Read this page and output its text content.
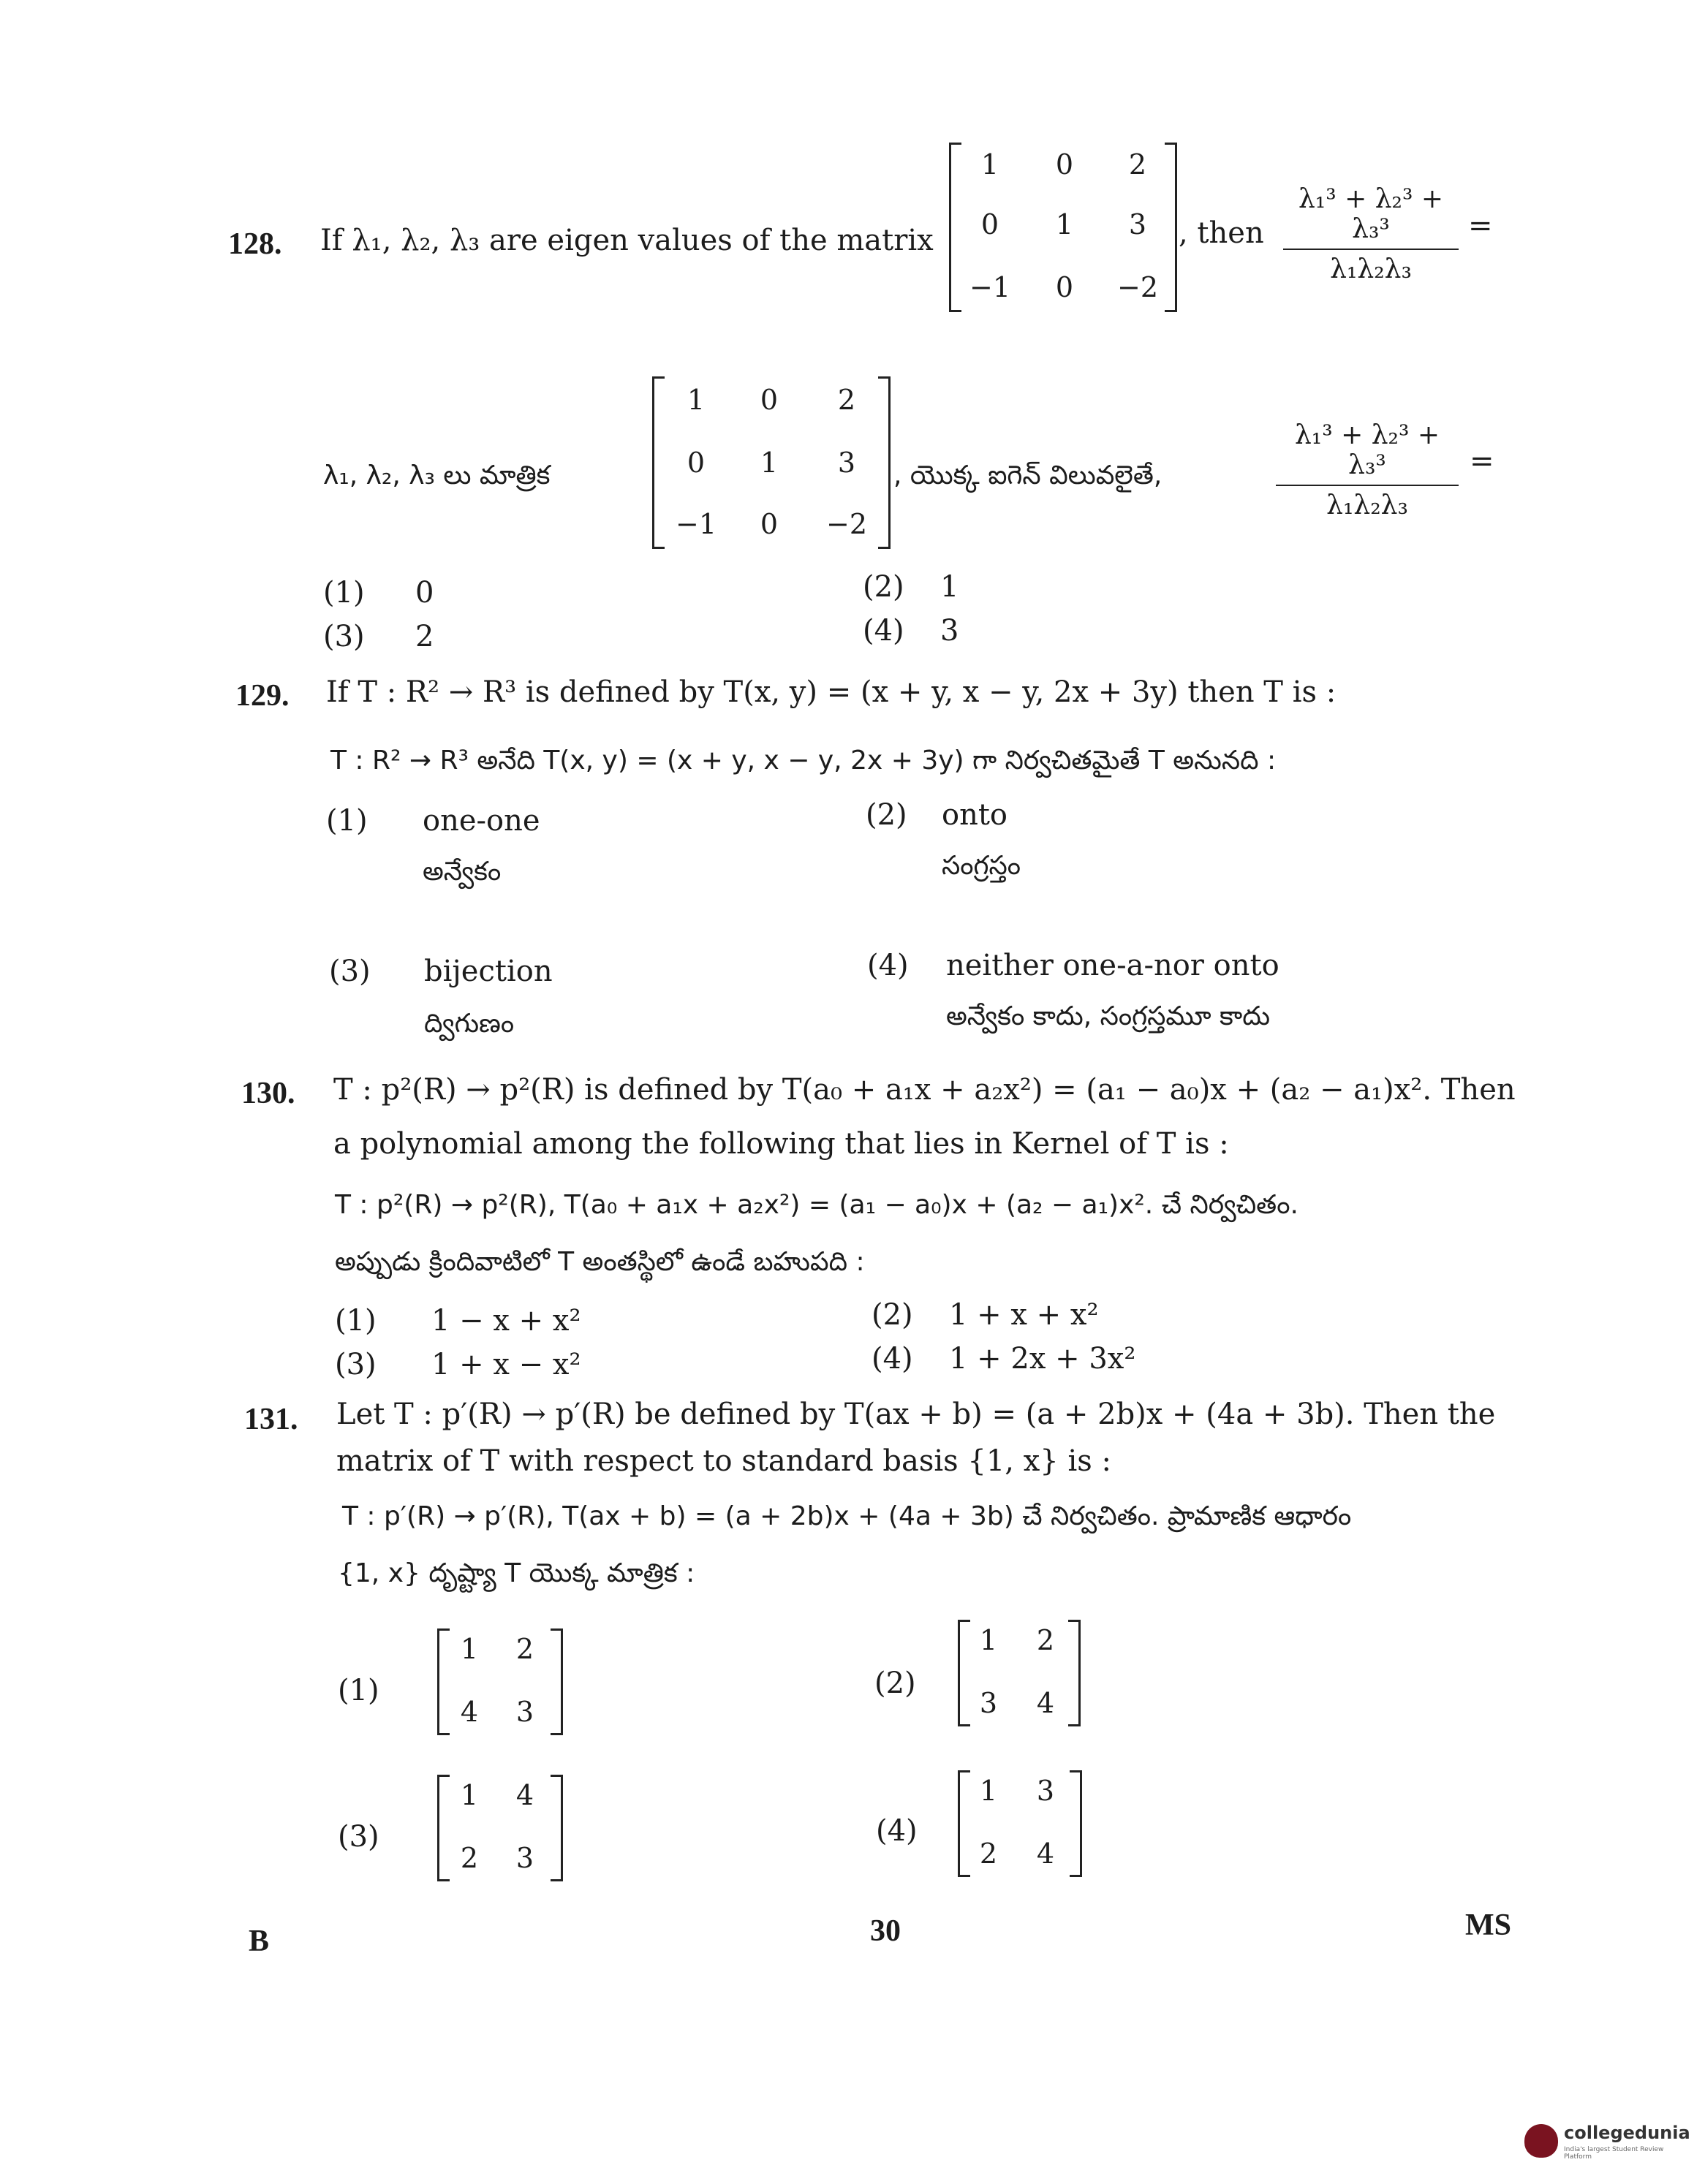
128. If λ₁, λ₂, λ₃ are eigen values of the matrix
1	0	2
0	1	3
−1	0	−2
, then $\frac{\text{λ₁³ + λ₂³ + λ₃³}}{\text{λ₁λ₂λ₃}}$ =
λ₁, λ₂, λ₃ లు మాత్రిక
1	0	2
0	1	3
−1	0	−2
, యొక్క ఐగెన్ విలువలైతే,	$\frac{\text{λ₁³ + λ₂³ + λ₃³}}{\text{λ₁λ₂λ₃}}$ =
(1) 0	(2) 1
(3) 2	(4) 3
129. If T : R² → R³ is defined by T(x, y) = (x + y, x − y, 2x + 3y) then T is :
T : R² → R³ అనేది T(x, y) = (x + y, x − y, 2x + 3y) గా నిర్వచితమైతే T అనునది :
(1) one-one
అన్వేకం
(2) onto
సంగ్రస్తం
(3) bijection
ద్విగుణం
(4) neither one-a-nor onto
అన్వేకం కాదు, సంగ్రస్తమూ కాదు
130. T : p²(R) → p²(R) is defined by T(a₀ + a₁x + a₂x²) = (a₁ − a₀)x + (a₂ − a₁)x². Then
a polynomial among the following that lies in Kernel of T is :
T : p²(R) → p²(R), T(a₀ + a₁x + a₂x²) = (a₁ − a₀)x + (a₂ − a₁)x². చే నిర్వచితం.
అప్పుడు క్రిందివాటిలో T అంతస్థిలో ఉండే బహుపది :
(1) 1 − x + x²	(2) 1 + x + x²
(3) 1 + x − x²	(4) 1 + 2x + 3x²
131. Let T : p′(R) → p′(R) be defined by T(ax + b) = (a + 2b)x + (4a + 3b). Then the
matrix of T with respect to standard basis {1, x} is :
T : p′(R) → p′(R), T(ax + b) = (a + 2b)x + (4a + 3b) చే నిర్వచితం. ప్రామాణిక ఆధారం
{1, x} దృష్ట్యా T యొక్క మాత్రిక :
(1)
1	2
4	3
(2)
1	2
3	4
(3)
1	4
2	3
(4)
1	3
2	4
B	30	MS
collegedunia
India's largest Student Review Platform
